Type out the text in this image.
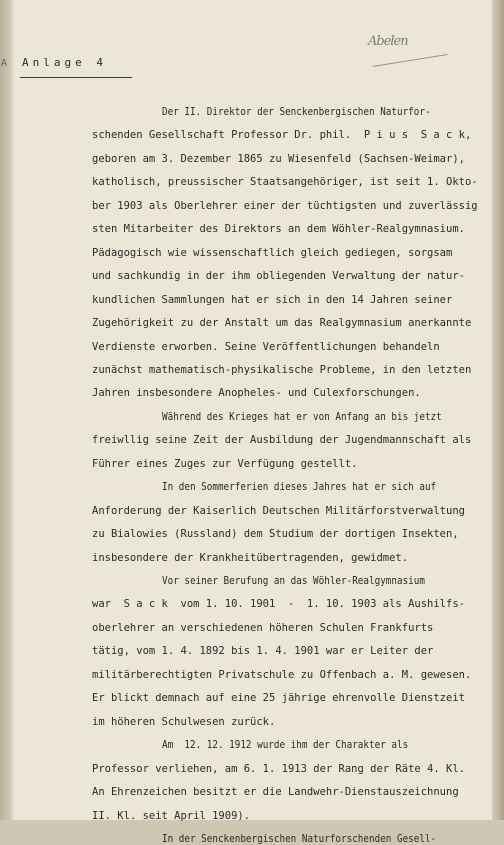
A
Abelen
Anlage 4
Der II. Direktor der Senckenbergischen Naturfor-
schenden Gesellschaft Professor Dr. phil.  P i u s  S a c k,
geboren am 3. Dezember 1865 zu Wiesenfeld (Sachsen-Weimar),
katholisch, preussischer Staatsangehöriger, ist seit 1. Okto-
ber 1903 als Oberlehrer einer der tüchtigsten und zuverlässig
sten Mitarbeiter des Direktors an dem Wöhler-Realgymnasium.
Pädagogisch wie wissenschaftlich gleich gediegen, sorgsam
und sachkundig in der ihm obliegenden Verwaltung der natur-
kundlichen Sammlungen hat er sich in den 14 Jahren seiner
Zugehörigkeit zu der Anstalt um das Realgymnasium anerkannte
Verdienste erworben. Seine Veröffentlichungen behandeln
zunächst mathematisch-physikalische Probleme, in den letzten
Jahren insbesondere Anopheles- und Culexforschungen.
Während des Krieges hat er von Anfang an bis jetzt
freiwllig seine Zeit der Ausbildung der Jugendmannschaft als
Führer eines Zuges zur Verfügung gestellt.
In den Sommerferien dieses Jahres hat er sich auf
Anforderung der Kaiserlich Deutschen Militärforstverwaltung
zu Bialowies (Russland) dem Studium der dortigen Insekten,
insbesondere der Krankheitübertragenden, gewidmet.
Vor seiner Berufung an das Wöhler-Realgymnasium
war  S a c k  vom 1. 10. 1901  -  1. 10. 1903 als Aushilfs-
oberlehrer an verschiedenen höheren Schulen Frankfurts
tätig, vom 1. 4. 1892 bis 1. 4. 1901 war er Leiter der
militärberechtigten Privatschule zu Offenbach a. M. gewesen.
Er blickt demnach auf eine 25 jährige ehrenvolle Dienstzeit
im höheren Schulwesen zurück.
Am  12. 12. 1912 wurde ihm der Charakter als
Professor verliehen, am 6. 1. 1913 der Rang der Räte 4. Kl.
An Ehrenzeichen besitzt er die Landwehr-Dienstauszeichnung
II. Kl. seit April 1909).
In der Senckenbergischen Naturforschenden Gesell-
